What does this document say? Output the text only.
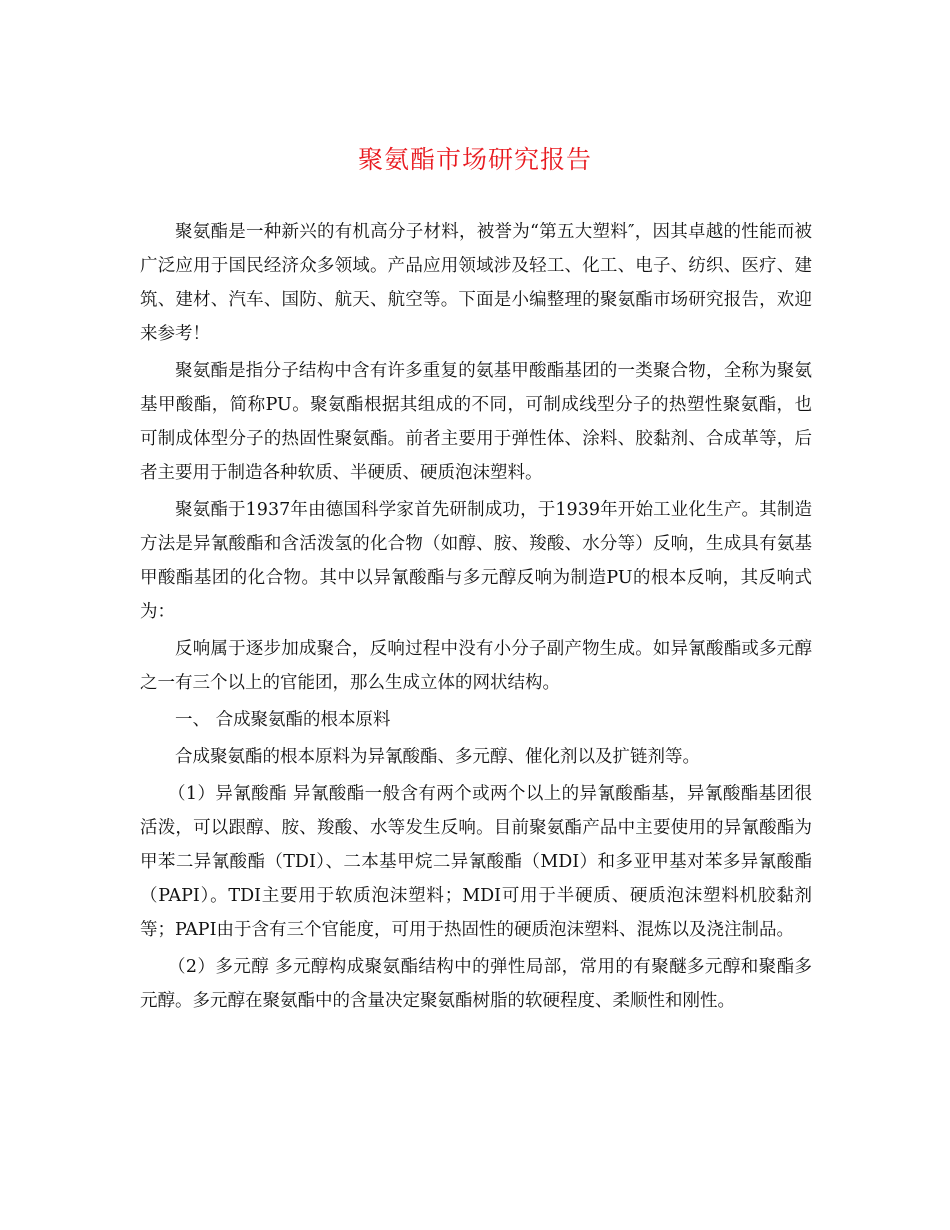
聚氨酯市场研究报告

聚氨酯是一种新兴的有机高分子材料，被誉为“第五大塑料″，因其卓越的性能而被广泛应用于国民经济众多领域。产品应用领域涉及轻工、化工、电子、纺织、医疗、建筑、建材、汽车、国防、航天、航空等。下面是小编整理的聚氨酯市场研究报告，欢迎来参考！

聚氨酯是指分子结构中含有许多重复的氨基甲酸酯基团的一类聚合物，全称为聚氨基甲酸酯，简称PU。聚氨酯根据其组成的不同，可制成线型分子的热塑性聚氨酯，也可制成体型分子的热固性聚氨酯。前者主要用于弹性体、涂料、胶黏剂、合成革等，后者主要用于制造各种软质、半硬质、硬质泡沫塑料。

聚氨酯于1937年由德国科学家首先研制成功，于1939年开始工业化生产。其制造方法是异氰酸酯和含活泼氢的化合物（如醇、胺、羧酸、水分等）反响，生成具有氨基甲酸酯基团的化合物。其中以异氰酸酯与多元醇反响为制造PU的根本反响，其反响式为：

反响属于逐步加成聚合，反响过程中没有小分子副产物生成。如异氰酸酯或多元醇之一有三个以上的官能团，那么生成立体的网状结构。

一、 合成聚氨酯的根本原料

合成聚氨酯的根本原料为异氰酸酯、多元醇、催化剂以及扩链剂等。

（1）异氰酸酯 异氰酸酯一般含有两个或两个以上的异氰酸酯基，异氰酸酯基团很活泼，可以跟醇、胺、羧酸、水等发生反响。目前聚氨酯产品中主要使用的异氰酸酯为甲苯二异氰酸酯（TDI）、二本基甲烷二异氰酸酯（MDI）和多亚甲基对苯多异氰酸酯（PAPI）。TDI主要用于软质泡沫塑料；MDI可用于半硬质、硬质泡沫塑料机胶黏剂等；PAPI由于含有三个官能度，可用于热固性的硬质泡沫塑料、混炼以及浇注制品。

（2）多元醇 多元醇构成聚氨酯结构中的弹性局部，常用的有聚醚多元醇和聚酯多元醇。多元醇在聚氨酯中的含量决定聚氨酯树脂的软硬程度、柔顺性和刚性。
